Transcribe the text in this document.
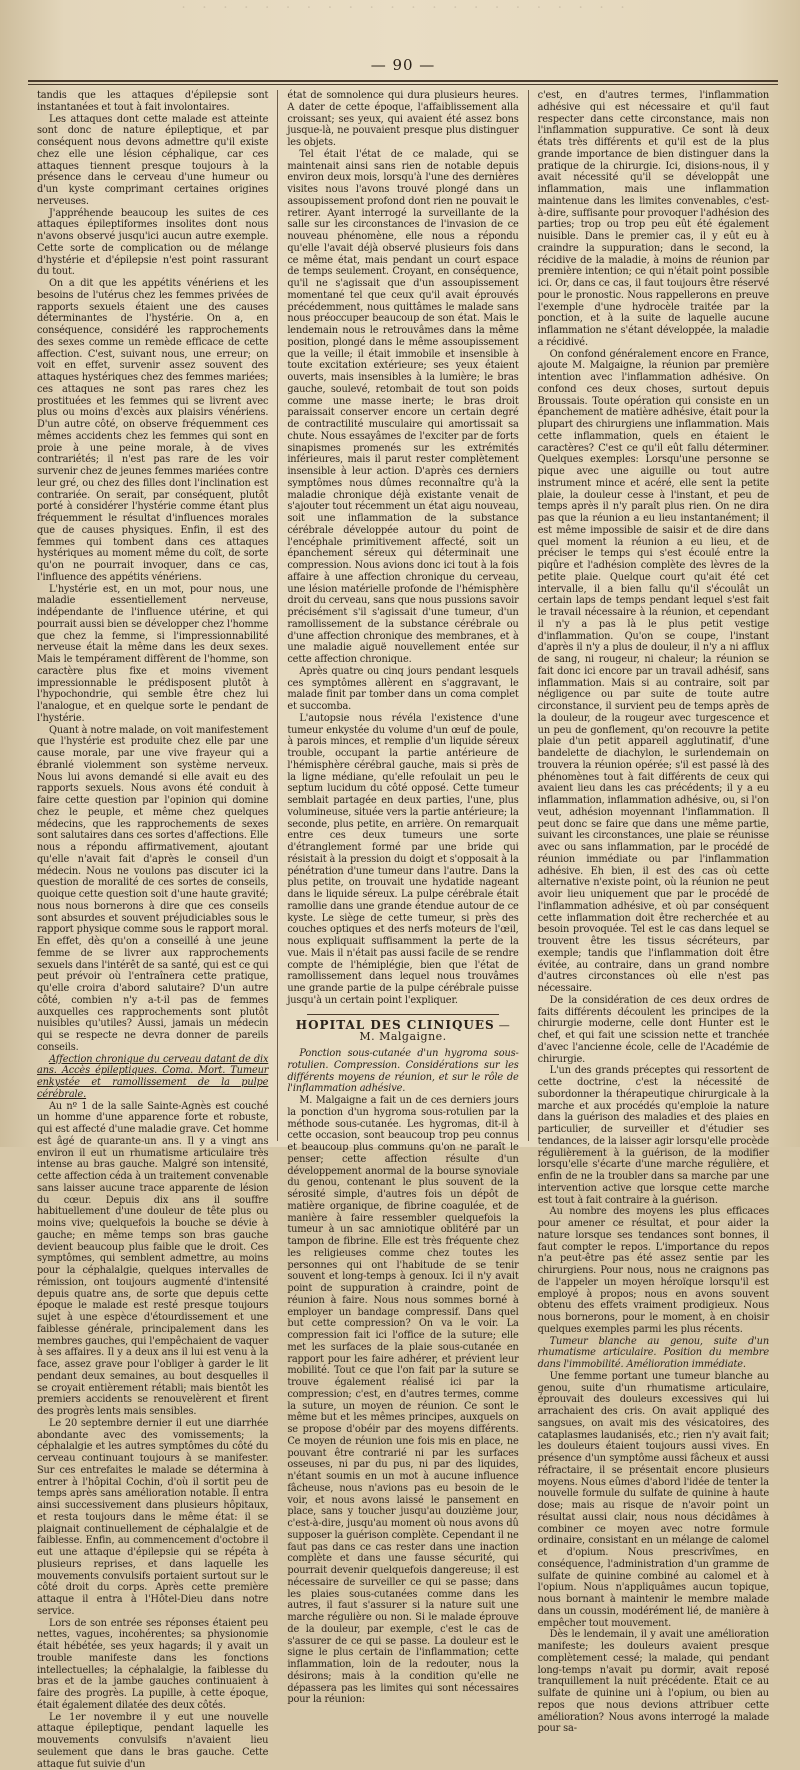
· · · · · · · · · · · · · · · · · · · · · ·
— 90 —

tandis que les attaques d'épilepsie sont instantanées et tout à fait involontaires.

Les attaques dont cette malade est atteinte sont donc de nature épileptique, et par conséquent nous devons admettre qu'il existe chez elle une lésion céphalique, car ces attaques tiennent presque toujours à la présence dans le cerveau d'une humeur ou d'un kyste comprimant certaines origines nerveuses.

J'appréhende beaucoup les suites de ces attaques épileptiformes insolites dont nous n'avons observé jusqu'ici aucun autre exemple. Cette sorte de complication ou de mélange d'hystérie et d'épilepsie n'est point rassurant du tout.

On a dit que les appétits vénériens et les besoins de l'utérus chez les femmes privées de rapports sexuels étaient une des causes déterminantes de l'hystérie. On a, en conséquence, considéré les rapprochements des sexes comme un remède efficace de cette affection. C'est, suivant nous, une erreur; on voit en effet, survenir assez souvent des attaques hystériques chez des femmes mariées; ces attaques ne sont pas rares chez les prostituées et les femmes qui se livrent avec plus ou moins d'excès aux plaisirs vénériens. D'un autre côté, on observe fréquemment ces mêmes accidents chez les femmes qui sont en proie à une peine morale, à de vives contrariétés; il n'est pas rare de les voir survenir chez de jeunes femmes mariées contre leur gré, ou chez des filles dont l'inclination est contrariée. On serait, par conséquent, plutôt porté à considérer l'hystérie comme étant plus fréquemment le résultat d'influences morales que de causes physiques. Enfin, il est des femmes qui tombent dans ces attaques hystériques au moment même du coït, de sorte qu'on ne pourrait invoquer, dans ce cas, l'influence des appétits vénériens.

L'hystérie est, en un mot, pour nous, une maladie essentiellement nerveuse, indépendante de l'influence utérine, et qui pourrait aussi bien se développer chez l'homme que chez la femme, si l'impressionnabilité nerveuse était la même dans les deux sexes. Mais le tempérament diffèrent de l'homme, son caractère plus fixe et moins vivement impressionnable le prédisposent plutôt à l'hypochondrie, qui semble être chez lui l'analogue, et en quelque sorte le pendant de l'hystérie.

Quant à notre malade, on voit manifestement que l'hystérie est produite chez elle par une cause morale, par une vive frayeur qui a ébranlé violemment son système nerveux. Nous lui avons demandé si elle avait eu des rapports sexuels. Nous avons été conduit à faire cette question par l'opinion qui domine chez le peuple, et même chez quelques médecins, que les rapprochements de sexes sont salutaires dans ces sortes d'affections. Elle nous a répondu affirmativement, ajoutant qu'elle n'avait fait d'après le conseil d'un médecin. Nous ne voulons pas discuter ici la question de moralité de ces sortes de conseils, quoique cette question soit d'une haute gravité; nous nous bornerons à dire que ces conseils sont absurdes et souvent préjudiciables sous le rapport physique comme sous le rapport moral. En effet, dès qu'on a conseillé à une jeune femme de se livrer aux rapprochements sexuels dans l'intérêt de sa santé, qui est ce qui peut prévoir où l'entraînera cette pratique, qu'elle croira d'abord salutaire? D'un autre côté, combien n'y a-t-il pas de femmes auxquelles ces rapprochements sont plutôt nuisibles qu'utiles? Aussi, jamais un médecin qui se respecte ne devra donner de pareils conseils.

Affection chronique du cerveau datant de dix ans. Accès épileptiques. Coma. Mort. Tumeur enkystée et ramollissement de la pulpe cérébrale.

Au nº 1 de la salle Sainte-Agnès est couché un homme d'une apparence forte et robuste, qui est affecté d'une maladie grave. Cet homme est âgé de quarante-un ans. Il y a vingt ans environ il eut un rhumatisme articulaire très intense au bras gauche. Malgré son intensité, cette affection céda à un traitement convenable sans laisser aucune trace apparente de lésion du cœur. Depuis dix ans il souffre habituellement d'une douleur de tête plus ou moins vive; quelquefois la bouche se dévie à gauche; en même temps son bras gauche devient beaucoup plus faible que le droit. Ces symptômes, qui semblent admettre, au moins pour la céphalalgie, quelques intervalles de rémission, ont toujours augmenté d'intensité depuis quatre ans, de sorte que depuis cette époque le malade est resté presque toujours sujet à une espèce d'étourdissement et une faiblesse générale, principalement dans les membres gauches, qui l'empêchaient de vaquer à ses affaires. Il y a deux ans il lui est venu à la face, assez grave pour l'obliger à garder le lit pendant deux semaines, au bout desquelles il se croyait entièrement rétabli; mais bientôt les premiers accidents se renouvelèrent et firent des progrès lents mais sensibles.

Le 20 septembre dernier il eut une diarrhée abondante avec des vomissements; la céphalalgie et les autres symptômes du côté du cerveau continuant toujours à se manifester. Sur ces entrefaites le malade se détermina à entrer à l'hôpital Cochin, d'où il sortit peu de temps après sans amélioration notable. Il entra ainsi successivement dans plusieurs hôpitaux, et resta toujours dans le même état: il se plaignait continuellement de céphalalgie et de faiblesse. Enfin, au commencement d'octobre il eut une attaque d'épilepsie qui se répéta à plusieurs reprises, et dans laquelle les mouvements convulsifs portaient surtout sur le côté droit du corps. Après cette première attaque il entra à l'Hôtel-Dieu dans notre service.

Lors de son entrée ses réponses étaient peu nettes, vagues, incohérentes; sa physionomie était hébétée, ses yeux hagards; il y avait un trouble manifeste dans les fonctions intellectuelles; la céphalalgie, la faiblesse du bras et de la jambe gauches continuaient à faire des progrès. La pupille, à cette époque, était également dilatée des deux côtés.

Le 1er novembre il y eut une nouvelle attaque épileptique, pendant laquelle les mouvements convulsifs n'avaient lieu seulement que dans le bras gauche. Cette attaque fut suivie d'un

état de somnolence qui dura plusieurs heures. A dater de cette époque, l'affaiblissement alla croissant; ses yeux, qui avaient été assez bons jusque-là, ne pouvaient presque plus distinguer les objets.

Tel était l'état de ce malade, qui se maintenait ainsi sans rien de notable depuis environ deux mois, lorsqu'à l'une des dernières visites nous l'avons trouvé plongé dans un assoupissement profond dont rien ne pouvait le retirer. Ayant interrogé la surveillante de la salle sur les circonstances de l'invasion de ce nouveau phénomène, elle nous a répondu qu'elle l'avait déjà observé plusieurs fois dans ce même état, mais pendant un court espace de temps seulement. Croyant, en conséquence, qu'il ne s'agissait que d'un assoupissement momentané tel que ceux qu'il avait éprouvés précédemment, nous quittâmes le malade sans nous préoccuper beaucoup de son état. Mais le lendemain nous le retrouvâmes dans la même position, plongé dans le même assoupissement que la veille; il était immobile et insensible à toute excitation extérieure; ses yeux étaient ouverts, mais insensibles à la lumière; le bras gauche, soulevé, retombait de tout son poids comme une masse inerte; le bras droit paraissait conserver encore un certain degré de contractilité musculaire qui amortissait sa chute. Nous essayâmes de l'exciter par de forts sinapismes promenés sur les extrémités inférieures, mais il parut rester complètement insensible à leur action. D'après ces derniers symptômes nous dûmes reconnaître qu'à la maladie chronique déjà existante venait de s'ajouter tout récemment un état aigu nouveau, soit une inflammation de la substance cérébrale développée autour du point de l'encéphale primitivement affecté, soit un épanchement séreux qui déterminait une compression. Nous avions donc ici tout à la fois affaire à une affection chronique du cerveau, une lésion matérielle profonde de l'hémisphère droit du cerveau, sans que nous pussions savoir précisément s'il s'agissait d'une tumeur, d'un ramollissement de la substance cérébrale ou d'une affection chronique des membranes, et à une maladie aiguë nouvellement entée sur cette affection chronique.

Après quatre ou cinq jours pendant lesquels ces symptômes allèrent en s'aggravant, le malade finit par tomber dans un coma complet et succomba.

L'autopsie nous révéla l'existence d'une tumeur enkystée du volume d'un œuf de poule, à parois minces, et remplie d'un liquide séreux trouble, occupant la partie antérieure de l'hémisphère cérébral gauche, mais si près de la ligne médiane, qu'elle refoulait un peu le septum lucidum du côté opposé. Cette tumeur semblait partagée en deux parties, l'une, plus volumineuse, située vers la partie antérieure; la seconde, plus petite, en arrière. On remarquait entre ces deux tumeurs une sorte d'étranglement formé par une bride qui résistait à la pression du doigt et s'opposait à la pénétration d'une tumeur dans l'autre. Dans la plus petite, on trouvait une hydatide nageant dans le liquide séreux. La pulpe cérébrale était ramollie dans une grande étendue autour de ce kyste. Le siège de cette tumeur, si près des couches optiques et des nerfs moteurs de l'œil, nous expliquait suffisamment la perte de la vue. Mais il n'était pas aussi facile de se rendre compte de l'hémiplégie, bien que l'état de ramollissement dans lequel nous trouvâmes une grande partie de la pulpe cérébrale puisse jusqu'à un certain point l'expliquer.

HOPITAL DES CLINIQUES — M. Malgaigne.

Ponction sous-cutanée d'un hygroma sous-rotulien. Compression. Considérations sur les différents moyens de réunion, et sur le rôle de l'inflammation adhésive.

M. Malgaigne a fait un de ces derniers jours la ponction d'un hygroma sous-rotulien par la méthode sous-cutanée. Les hygromas, dit-il à cette occasion, sont beaucoup trop peu connus et beaucoup plus communs qu'on ne paraît le penser; cette affection résulte d'un développement anormal de la bourse synoviale du genou, contenant le plus souvent de la sérosité simple, d'autres fois un dépôt de matière organique, de fibrine coagulée, et de manière à faire ressembler quelquefois la tumeur à un sac amniotique oblitéré par un tampon de fibrine. Elle est très fréquente chez les religieuses comme chez toutes les personnes qui ont l'habitude de se tenir souvent et long-temps à genoux. Ici il n'y avait point de suppuration à craindre, point de réunion à faire. Nous nous sommes borné à employer un bandage compressif. Dans quel but cette compression? On va le voir. La compression fait ici l'office de la suture; elle met les surfaces de la plaie sous-cutanée en rapport pour les faire adhérer, et prévient leur mobilité. Tout ce que l'on fait par la suture se trouve également réalisé ici par la compression; c'est, en d'autres termes, comme la suture, un moyen de réunion. Ce sont le même but et les mêmes principes, auxquels on se propose d'obéir par des moyens différents. Ce moyen de réunion une fois mis en place, ne pouvant être contrarié ni par les surfaces osseuses, ni par du pus, ni par des liquides, n'étant soumis en un mot à aucune influence fâcheuse, nous n'avions pas eu besoin de le voir, et nous avons laissé le pansement en place, sans y toucher jusqu'au douzième jour, c'est-à-dire, jusqu'au moment où nous avons dû supposer la guérison complète. Cependant il ne faut pas dans ce cas rester dans une inaction complète et dans une fausse sécurité, qui pourrait devenir quelquefois dangereuse; il est nécessaire de surveiller ce qui se passe; dans les plaies sous-cutanées comme dans les autres, il faut s'assurer si la nature suit une marche régulière ou non. Si le malade éprouve de la douleur, par exemple, c'est le cas de s'assurer de ce qui se passe. La douleur est le signe le plus certain de l'inflammation; cette inflammation, loin de la redouter, nous la désirons; mais à la condition qu'elle ne dépassera pas les limites qui sont nécessaires pour la réunion:

c'est, en d'autres termes, l'inflammation adhésive qui est nécessaire et qu'il faut respecter dans cette circonstance, mais non l'inflammation suppurative. Ce sont là deux états très différents et qu'il est de la plus grande importance de bien distinguer dans la pratique de la chirurgie. Ici, disions-nous, il y avait nécessité qu'il se développât une inflammation, mais une inflammation maintenue dans les limites convenables, c'est-à-dire, suffisante pour provoquer l'adhésion des parties; trop ou trop peu eût été également nuisible. Dans le premier cas, il y eût eu à craindre la suppuration; dans le second, la récidive de la maladie, à moins de réunion par première intention; ce qui n'était point possible ici. Or, dans ce cas, il faut toujours être réservé pour le pronostic. Nous rappellerons en preuve l'exemple d'une hydrocèle traitée par la ponction, et à la suite de laquelle aucune inflammation ne s'étant développée, la maladie a récidivé.

On confond généralement encore en France, ajoute M. Malgaigne, la réunion par première intention avec l'inflammation adhésive. On confond ces deux choses, surtout depuis Broussais. Toute opération qui consiste en un épanchement de matière adhésive, était pour la plupart des chirurgiens une inflammation. Mais cette inflammation, quels en étaient le caractères? C'est ce qu'il eût fallu déterminer. Quelques exemples: Lorsqu'une personne se pique avec une aiguille ou tout autre instrument mince et acéré, elle sent la petite plaie, la douleur cesse à l'instant, et peu de temps après il n'y paraît plus rien. On ne dira pas que la réunion a eu lieu instantanément; il est même impossible de saisir et de dire dans quel moment la réunion a eu lieu, et de préciser le temps qui s'est écoulé entre la piqûre et l'adhésion complète des lèvres de la petite plaie. Quelque court qu'ait été cet intervalle, il a bien fallu qu'il s'écoulât un certain laps de temps pendant lequel s'est fait le travail nécessaire à la réunion, et cependant il n'y a pas là le plus petit vestige d'inflammation. Qu'on se coupe, l'instant d'après il n'y a plus de douleur, il n'y a ni afflux de sang, ni rougeur, ni chaleur; la réunion se fait donc ici encore par un travail adhésif, sans inflammation. Mais si au contraire, soit par négligence ou par suite de toute autre circonstance, il survient peu de temps après de la douleur, de la rougeur avec turgescence et un peu de gonflement, qu'on recouvre la petite plaie d'un petit appareil agglutinatif, d'une bandelette de diachylon, le surlendemain on trouvera la réunion opérée; s'il est passé là des phénomènes tout à fait différents de ceux qui avaient lieu dans les cas précédents; il y a eu inflammation, inflammation adhésive, ou, si l'on veut, adhésion moyennant l'inflammation. Il peut donc se faire que dans une même partie, suivant les circonstances, une plaie se réunisse avec ou sans inflammation, par le procédé de réunion immédiate ou par l'inflammation adhésive. Eh bien, il est des cas où cette alternative n'existe point, où la réunion ne peut avoir lieu uniquement que par le procédé de l'inflammation adhésive, et où par conséquent cette inflammation doit être recherchée et au besoin provoquée. Tel est le cas dans lequel se trouvent être les tissus sécréteurs, par exemple; tandis que l'inflammation doit être évitée, au contraire, dans un grand nombre d'autres circonstances où elle n'est pas nécessaire.

De la considération de ces deux ordres de faits différents découlent les principes de la chirurgie moderne, celle dont Hunter est le chef, et qui fait une scission nette et tranchée d'avec l'ancienne école, celle de l'Académie de chirurgie.

L'un des grands préceptes qui ressortent de cette doctrine, c'est la nécessité de subordonner la thérapeutique chirurgicale à la marche et aux procédés qu'emploie la nature dans la guérison des maladies et des plaies en particulier, de surveiller et d'étudier ses tendances, de la laisser agir lorsqu'elle procède régulièrement à la guérison, de la modifier lorsqu'elle s'écarte d'une marche régulière, et enfin de ne la troubler dans sa marche par une intervention active que lorsque cette marche est tout à fait contraire à la guérison.

Au nombre des moyens les plus efficaces pour amener ce résultat, et pour aider la nature lorsque ses tendances sont bonnes, il faut compter le repos. L'importance du repos n'a peut-être pas été assez sentie par les chirurgiens. Pour nous, nous ne craignons pas de l'appeler un moyen héroïque lorsqu'il est employé à propos; nous en avons souvent obtenu des effets vraiment prodigieux. Nous nous bornerons, pour le moment, à en choisir quelques exemples parmi les plus récents.

Tumeur blanche au genou, suite d'un rhumatisme articulaire. Position du membre dans l'immobilité. Amélioration immédiate.

Une femme portant une tumeur blanche au genou, suite d'un rhumatisme articulaire, éprouvait des douleurs excessives qui lui arrachaient des cris. On avait appliqué des sangsues, on avait mis des vésicatoires, des cataplasmes laudanisés, etc.; rien n'y avait fait; les douleurs étaient toujours aussi vives. En présence d'un symptôme aussi fâcheux et aussi réfractaire, il se présentait encore plusieurs moyens. Nous eûmes d'abord l'idée de tenter la nouvelle formule du sulfate de quinine à haute dose; mais au risque de n'avoir point un résultat aussi clair, nous nous décidâmes à combiner ce moyen avec notre formule ordinaire, consistant en un mélange de calomel et d'opium. Nous prescrivîmes, en conséquence, l'administration d'un gramme de sulfate de quinine combiné au calomel et à l'opium. Nous n'appliquâmes aucun topique, nous bornant à maintenir le membre malade dans un coussin, modérément lié, de manière à empêcher tout mouvement.

Dès le lendemain, il y avait une amélioration manifeste; les douleurs avaient presque complètement cessé; la malade, qui pendant long-temps n'avait pu dormir, avait reposé tranquillement la nuit précédente. Etait ce au sulfate de quinine uni à l'opium, ou bien au repos que nous devions attribuer cette amélioration? Nous avons interrogé la malade pour sa-
